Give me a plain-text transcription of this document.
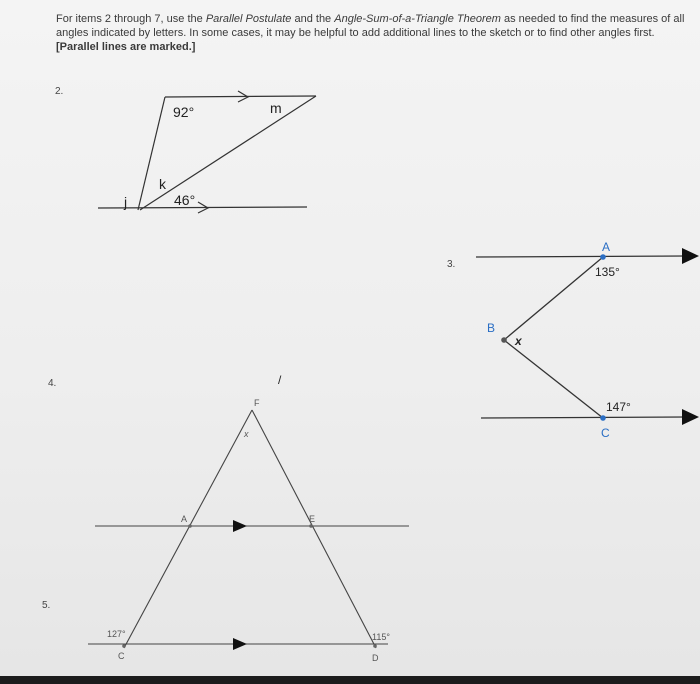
For items 2 through 7, use the Parallel Postulate and the Angle-Sum-of-a-Triangle Theorem as needed to find the measures of all angles indicated by letters. In some cases, it may be helpful to add additional lines to the sketch or to find other angles first. [Parallel lines are marked.]
2.
3.
4.
5.
92°	m
k
j	46°
A
135°
B
x
147°
C
F
x
A	E
127°
C
115°
D
/
